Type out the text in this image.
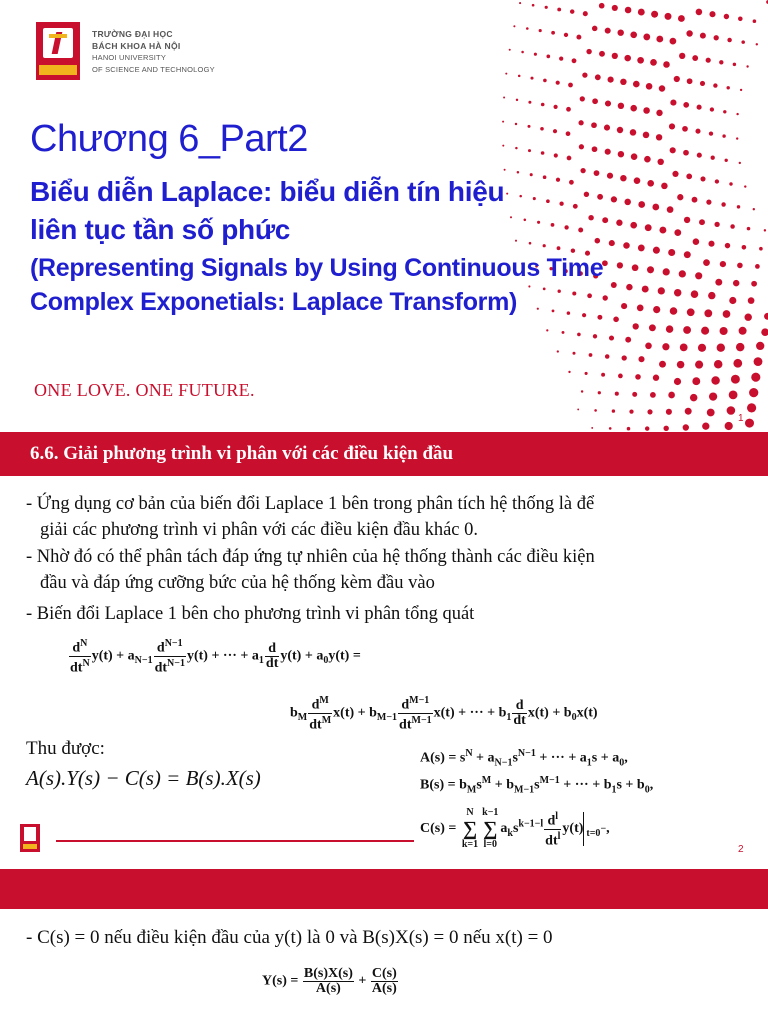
TRƯỜNG ĐẠI HỌC
BÁCH KHOA HÀ NỘI
HANOI UNIVERSITY
OF SCIENCE AND TECHNOLOGY
Chương 6_Part2
Biểu diễn Laplace: biểu diễn tín hiệu
liên tục tần số phức
(Representing Signals by Using Continuous Time
Complex Exponetials: Laplace Transform)
ONE LOVE. ONE FUTURE.
1
6.6. Giải phương trình vi phân với các điều kiện đầu
- Ứng dụng cơ bản của biến đổi Laplace 1 bên trong phân tích hệ thống là để
giải các phương trình vi phân với các điều kiện đầu khác 0.
- Nhờ đó có thể phân tách đáp ứng tự nhiên của hệ thống thành các điều kiện
đầu và đáp ứng cưỡng bức của hệ thống kèm đầu vào
- Biến đổi Laplace 1 bên cho phương trình vi phân tổng quát
$\frac{d^N}{dt^N} y(t) + a_{N-1} \frac{d^{N-1}}{dt^{N-1}} y(t)$ + ··· + $a_1 \frac{d}{dt} y(t) + a_0y(t)$ =
$b_M \frac{d^M}{dt^M} x(t) + b_{M-1} \frac{d^{M-1}}{dt^{M-1}} x(t)$ + ··· + $b_1 \frac{d}{dt} x(t) + b_0x(t)$
Thu được:
A(s).Y(s) − C(s) = B(s).X(s)
$A(s) = s^N + a_{N-1}s^{N-1}$ + ··· + $a_1s + a_0$,
$B(s) = b_Ms^M + b_{M-1}s^{M-1}$ + ··· + $b_1s + b_0$,
C(s) =
N
∑
k=1
k−1
∑
l=0
$a_ks^{k-1-l} \frac{d^l}{dt^l} y(t)$ $_{t=0^-}$,
2
- C(s) = 0 nếu điều kiện đầu của y(t) là 0 và B(s)X(s) = 0 nếu x(t) = 0
$Y(s) = \frac{B(s)X(s)}{A(s)} + \frac{C(s)}{A(s)}$
